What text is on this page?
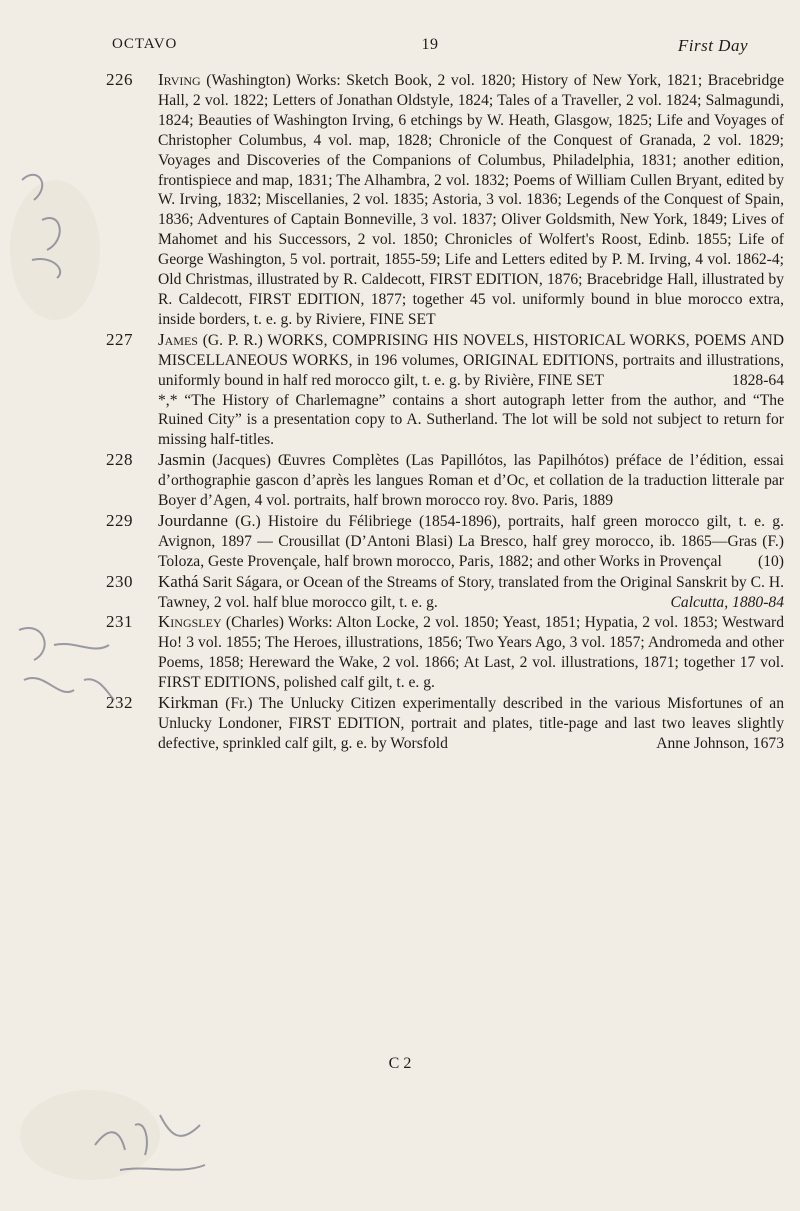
OCTAVO	19	First Day
226 Irving (Washington) Works: Sketch Book, 2 vol. 1820; History of New York, 1821; Bracebridge Hall, 2 vol. 1822; Letters of Jonathan Oldstyle, 1824; Tales of a Traveller, 2 vol. 1824; Salmagundi, 1824; Beauties of Washington Irving, 6 etchings by W. Heath, Glasgow, 1825; Life and Voyages of Christopher Columbus, 4 vol. map, 1828; Chronicle of the Conquest of Granada, 2 vol. 1829; Voyages and Discoveries of the Companions of Columbus, Philadelphia, 1831; another edition, frontispiece and map, 1831; The Alhambra, 2 vol. 1832; Poems of William Cullen Bryant, edited by W. Irving, 1832; Miscellanies, 2 vol. 1835; Astoria, 3 vol. 1836; Legends of the Conquest of Spain, 1836; Adventures of Captain Bonneville, 3 vol. 1837; Oliver Goldsmith, New York, 1849; Lives of Mahomet and his Successors, 2 vol. 1850; Chronicles of Wolfert's Roost, Edinb. 1855; Life of George Washington, 5 vol. portrait, 1855-59; Life and Letters edited by P. M. Irving, 4 vol. 1862-4; Old Christmas, illustrated by R. Caldecott, FIRST EDITION, 1876; Bracebridge Hall, illustrated by R. Caldecott, FIRST EDITION, 1877; together 45 vol. uniformly bound in blue morocco extra, inside borders, t. e. g. by Riviere, FINE SET
227 James (G. P. R.) WORKS, COMPRISING HIS NOVELS, HISTORICAL WORKS, POEMS AND MISCELLANEOUS WORKS, in 196 volumes, ORIGINAL EDITIONS, portraits and illustrations, uniformly bound in half red morocco gilt, t. e. g. by Rivière, FINE SET	1828-64
*,* “The History of Charlemagne” contains a short autograph letter from the author, and “The Ruined City” is a presentation copy to A. Sutherland. The lot will be sold not subject to return for missing half-titles.
228 Jasmin (Jacques) Œuvres Complètes (Las Papillótos, las Papilhótos) préface de l’édition, essai d’orthographie gascon d’après les langues Roman et d’Oc, et collation de la traduction litterale par Boyer d’Agen, 4 vol. portraits, half brown morocco roy. 8vo. Paris, 1889
229 Jourdanne (G.) Histoire du Félibriege (1854-1896), portraits, half green morocco gilt, t. e. g. Avignon, 1897 — Crousillat (D’Antoni Blasi) La Bresco, half grey morocco, ib. 1865—Gras (F.) Toloza, Geste Provençale, half brown morocco, Paris, 1882; and other Works in Provençal (10)
230 Kathá Sarit Ságara, or Ocean of the Streams of Story, translated from the Original Sanskrit by C. H. Tawney, 2 vol. half blue morocco gilt, t. e. g.	Calcutta, 1880-84
231 Kingsley (Charles) Works: Alton Locke, 2 vol. 1850; Yeast, 1851; Hypatia, 2 vol. 1853; Westward Ho! 3 vol. 1855; The Heroes, illustrations, 1856; Two Years Ago, 3 vol. 1857; Andromeda and other Poems, 1858; Hereward the Wake, 2 vol. 1866; At Last, 2 vol. illustrations, 1871; together 17 vol. FIRST EDITIONS, polished calf gilt, t. e. g.
232 Kirkman (Fr.) The Unlucky Citizen experimentally described in the various Misfortunes of an Unlucky Londoner, FIRST EDITION, portrait and plates, title-page and last two leaves slightly defective, sprinkled calf gilt, g. e. by Worsfold	Anne Johnson, 1673
C 2
